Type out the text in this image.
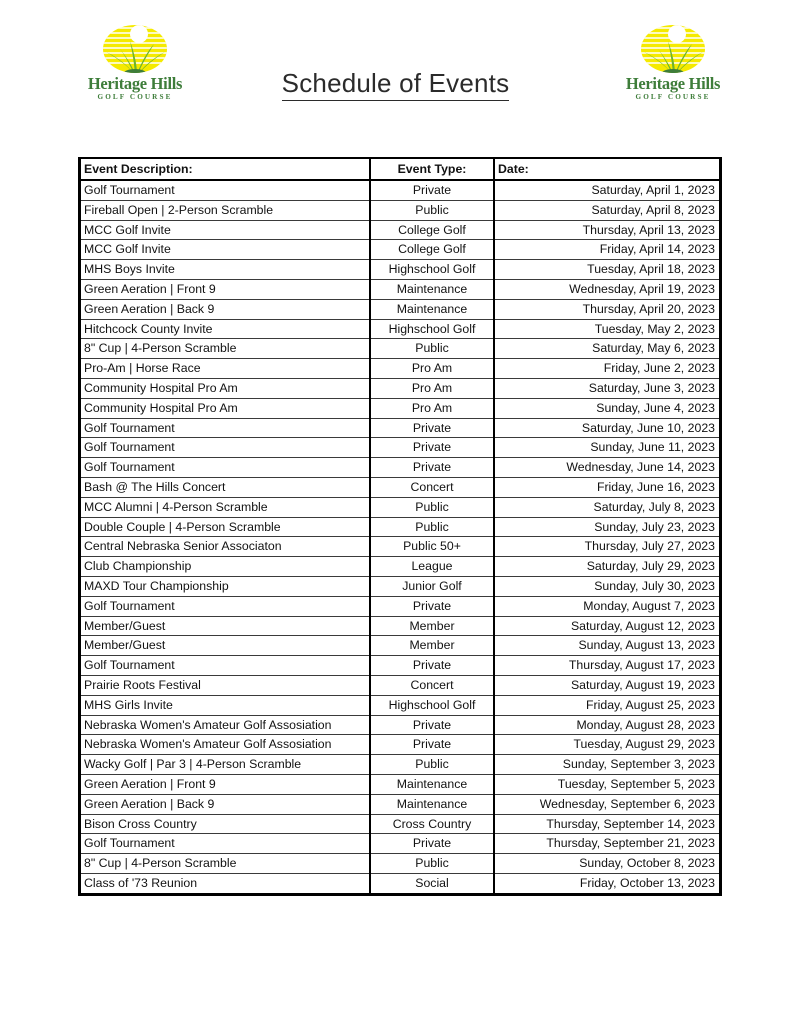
Heritage Hills
GOLF COURSE	Schedule of Events	Heritage Hills
GOLF COURSE
Event Description:	Event Type:	Date:
Golf Tournament	Private	Saturday, April 1, 2023
Fireball Open | 2-Person Scramble	Public	Saturday, April 8, 2023
MCC Golf Invite	College Golf	Thursday, April 13, 2023
MCC Golf Invite	College Golf	Friday, April 14, 2023
MHS Boys Invite	Highschool Golf	Tuesday, April 18, 2023
Green Aeration | Front 9	Maintenance	Wednesday, April 19, 2023
Green Aeration | Back 9	Maintenance	Thursday, April 20, 2023
Hitchcock County Invite	Highschool Golf	Tuesday, May 2, 2023
8" Cup | 4-Person Scramble	Public	Saturday, May 6, 2023
Pro-Am | Horse Race	Pro Am	Friday, June 2, 2023
Community Hospital Pro Am	Pro Am	Saturday, June 3, 2023
Community Hospital Pro Am	Pro Am	Sunday, June 4, 2023
Golf Tournament	Private	Saturday, June 10, 2023
Golf Tournament	Private	Sunday, June 11, 2023
Golf Tournament	Private	Wednesday, June 14, 2023
Bash @ The Hills Concert	Concert	Friday, June 16, 2023
MCC Alumni | 4-Person Scramble	Public	Saturday, July 8, 2023
Double Couple | 4-Person Scramble	Public	Sunday, July 23, 2023
Central Nebraska Senior Associaton	Public 50+	Thursday, July 27, 2023
Club Championship	League	Saturday, July 29, 2023
MAXD Tour Championship	Junior Golf	Sunday, July 30, 2023
Golf Tournament	Private	Monday, August 7, 2023
Member/Guest	Member	Saturday, August 12, 2023
Member/Guest	Member	Sunday, August 13, 2023
Golf Tournament	Private	Thursday, August 17, 2023
Prairie Roots Festival	Concert	Saturday, August 19, 2023
MHS Girls Invite	Highschool Golf	Friday, August 25, 2023
Nebraska Women's Amateur Golf Assosiation	Private	Monday, August 28, 2023
Nebraska Women's Amateur Golf Assosiation	Private	Tuesday, August 29, 2023
Wacky Golf | Par 3 | 4-Person Scramble	Public	Sunday, September 3, 2023
Green Aeration | Front 9	Maintenance	Tuesday, September 5, 2023
Green Aeration | Back 9	Maintenance	Wednesday, September 6, 2023
Bison Cross Country	Cross Country	Thursday, September 14, 2023
Golf Tournament	Private	Thursday, September 21, 2023
8" Cup | 4-Person Scramble	Public	Sunday, October 8, 2023
Class of '73 Reunion	Social	Friday, October 13, 2023
